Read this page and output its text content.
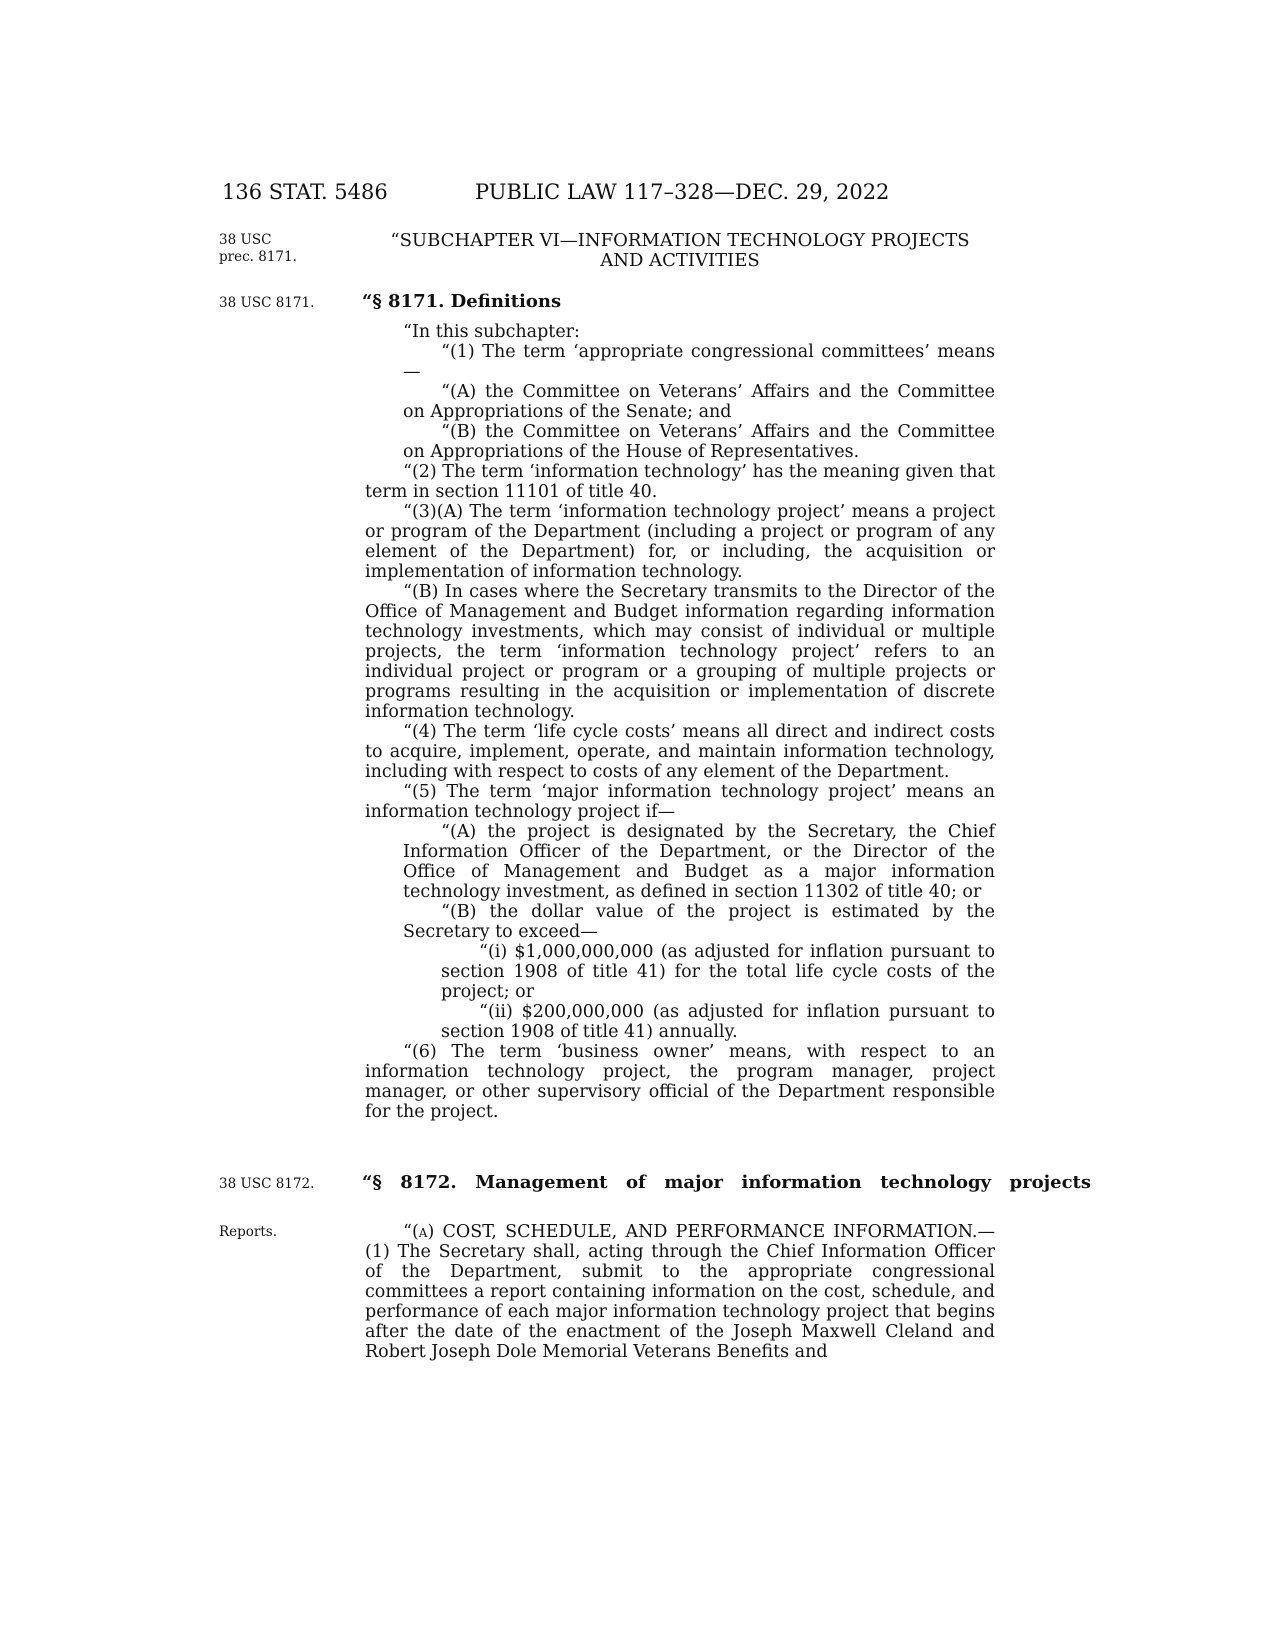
136 STAT. 5486	PUBLIC LAW 117–328—DEC. 29, 2022
38 USC
prec. 8171.
38 USC 8171.
38 USC 8172.
Reports.
“SUBCHAPTER VI—INFORMATION TECHNOLOGY PROJECTS
AND ACTIVITIES
“§ 8171. Definitions

“In this subchapter:

“(1) The term ‘appropriate congressional committees’ means—

“(A) the Committee on Veterans’ Affairs and the Committee on Appropriations of the Senate; and

“(B) the Committee on Veterans’ Affairs and the Committee on Appropriations of the House of Representatives.

“(2) The term ‘information technology’ has the meaning given that term in section 11101 of title 40.

“(3)(A) The term ‘information technology project’ means a project or program of the Department (including a project or program of any element of the Department) for, or including, the acquisition or implementation of information technology.

“(B) In cases where the Secretary transmits to the Director of the Office of Management and Budget information regarding information technology investments, which may consist of individual or multiple projects, the term ‘information technology project’ refers to an individual project or program or a grouping of multiple projects or programs resulting in the acquisition or implementation of discrete information technology.

“(4) The term ‘life cycle costs’ means all direct and indirect costs to acquire, implement, operate, and maintain information technology, including with respect to costs of any element of the Department.

“(5) The term ‘major information technology project’ means an information technology project if—

“(A) the project is designated by the Secretary, the Chief Information Officer of the Department, or the Director of the Office of Management and Budget as a major information technology investment, as defined in section 11302 of title 40; or

“(B) the dollar value of the project is estimated by the Secretary to exceed—

“(i) $1,000,000,000 (as adjusted for inflation pursuant to section 1908 of title 41) for the total life cycle costs of the project; or

“(ii) $200,000,000 (as adjusted for inflation pursuant to section 1908 of title 41) annually.

“(6) The term ‘business owner’ means, with respect to an information technology project, the program manager, project manager, or other supervisory official of the Department responsible for the project.

“§ 8172. Management of major information technology projects

“(a) COST, SCHEDULE, AND PERFORMANCE INFORMATION.—(1) The Secretary shall, acting through the Chief Information Officer of the Department, submit to the appropriate congressional committees a report containing information on the cost, schedule, and performance of each major information technology project that begins after the date of the enactment of the Joseph Maxwell Cleland and Robert Joseph Dole Memorial Veterans Benefits and
